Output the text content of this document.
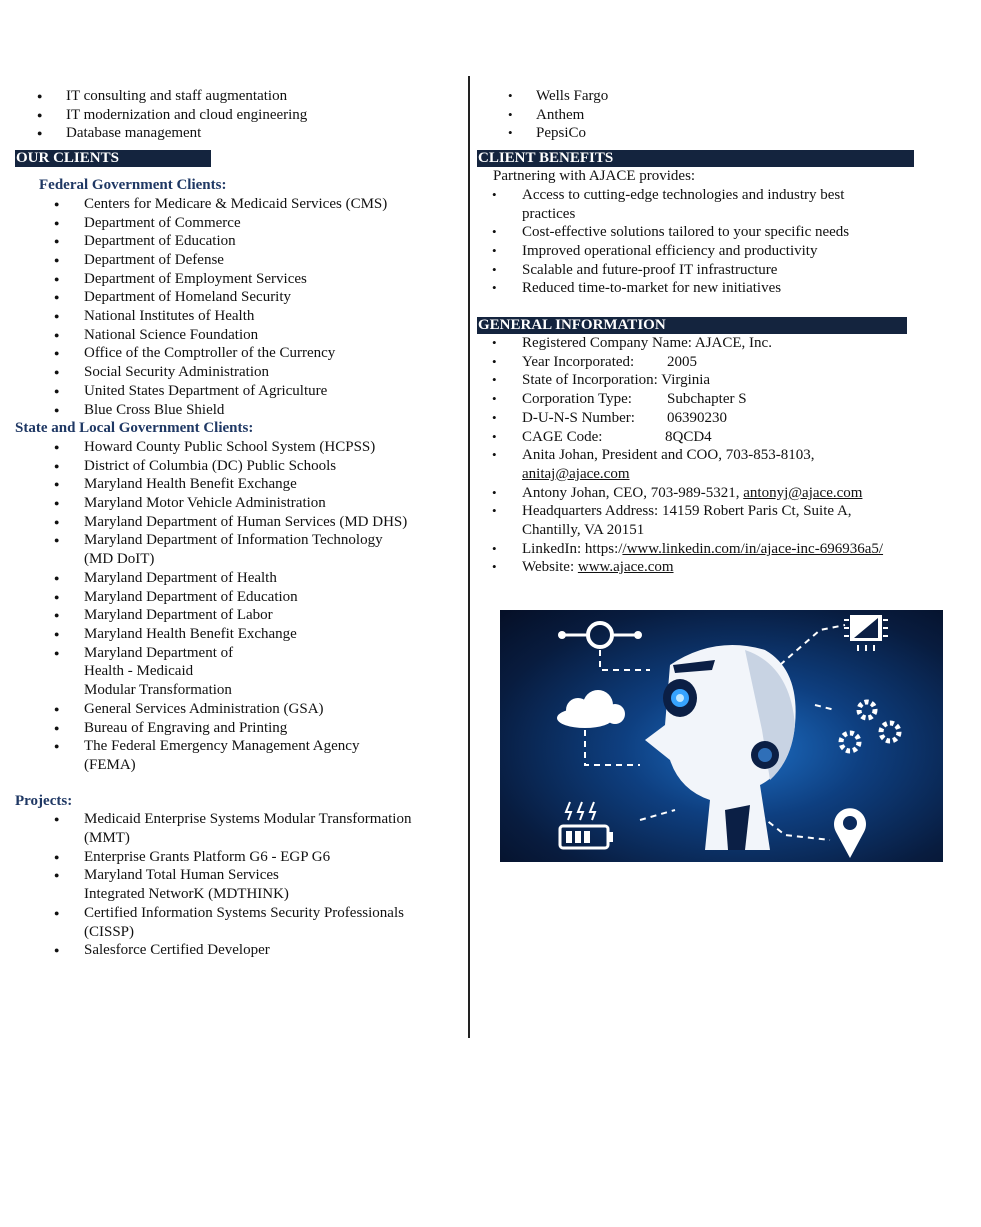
● IT consulting and staff augmentation
● IT modernization and cloud engineering
● Database management
OUR CLIENTS
Federal Government Clients:
● Centers for Medicare & Medicaid Services (CMS)
● Department of Commerce
● Department of Education
● Department of Defense
● Department of Employment Services
● Department of Homeland Security
● National Institutes of Health
● National Science Foundation
● Office of the Comptroller of the Currency
● Social Security Administration
● United States Department of Agriculture
● Blue Cross Blue Shield
State and Local Government Clients:
● Howard County Public School System (HCPSS)
● District of Columbia (DC) Public Schools
● Maryland Health Benefit Exchange
● Maryland Motor Vehicle Administration
● Maryland Department of Human Services (MD DHS)
● Maryland Department of Information Technology (MD DoIT)
● Maryland Department of Health
● Maryland Department of Education
● Maryland Department of Labor
● Maryland Health Benefit Exchange
● Maryland Department of Health - Medicaid Modular Transformation
● General Services Administration (GSA)
● Bureau of Engraving and Printing
● The Federal Emergency Management Agency (FEMA)
Projects:
● Medicaid Enterprise Systems Modular Transformation (MMT)
● Enterprise Grants Platform G6 - EGP G6
● Maryland Total Human Services Integrated NetworK (MDTHINK)
● Certified Information Systems Security Professionals (CISSP)
● Salesforce Certified Developer
• Wells Fargo
• Anthem
• PepsiCo
CLIENT BENEFITS
Partnering with AJACE provides:
• Access to cutting-edge technologies and industry best practices
• Cost-effective solutions tailored to your specific needs
• Improved operational efficiency and productivity
• Scalable and future-proof IT infrastructure
• Reduced time-to-market for new initiatives
GENERAL INFORMATION
• Registered Company Name: AJACE, Inc.
• Year Incorporated: 2005
• State of Incorporation: Virginia
• Corporation Type: Subchapter S
• D-U-N-S Number: 06390230
• CAGE Code:	8QCD4
• Anita Johan, President and COO, 703-853-8103,
anitaj@ajace.com
• Antony Johan, CEO, 703-989-5321, antonyj@ajace.com
• Headquarters Address: 14159 Robert Paris Ct, Suite A, Chantilly, VA 20151
• LinkedIn: https://www.linkedin.com/in/ajace-inc-696936a5/
• Website: www.ajace.com
